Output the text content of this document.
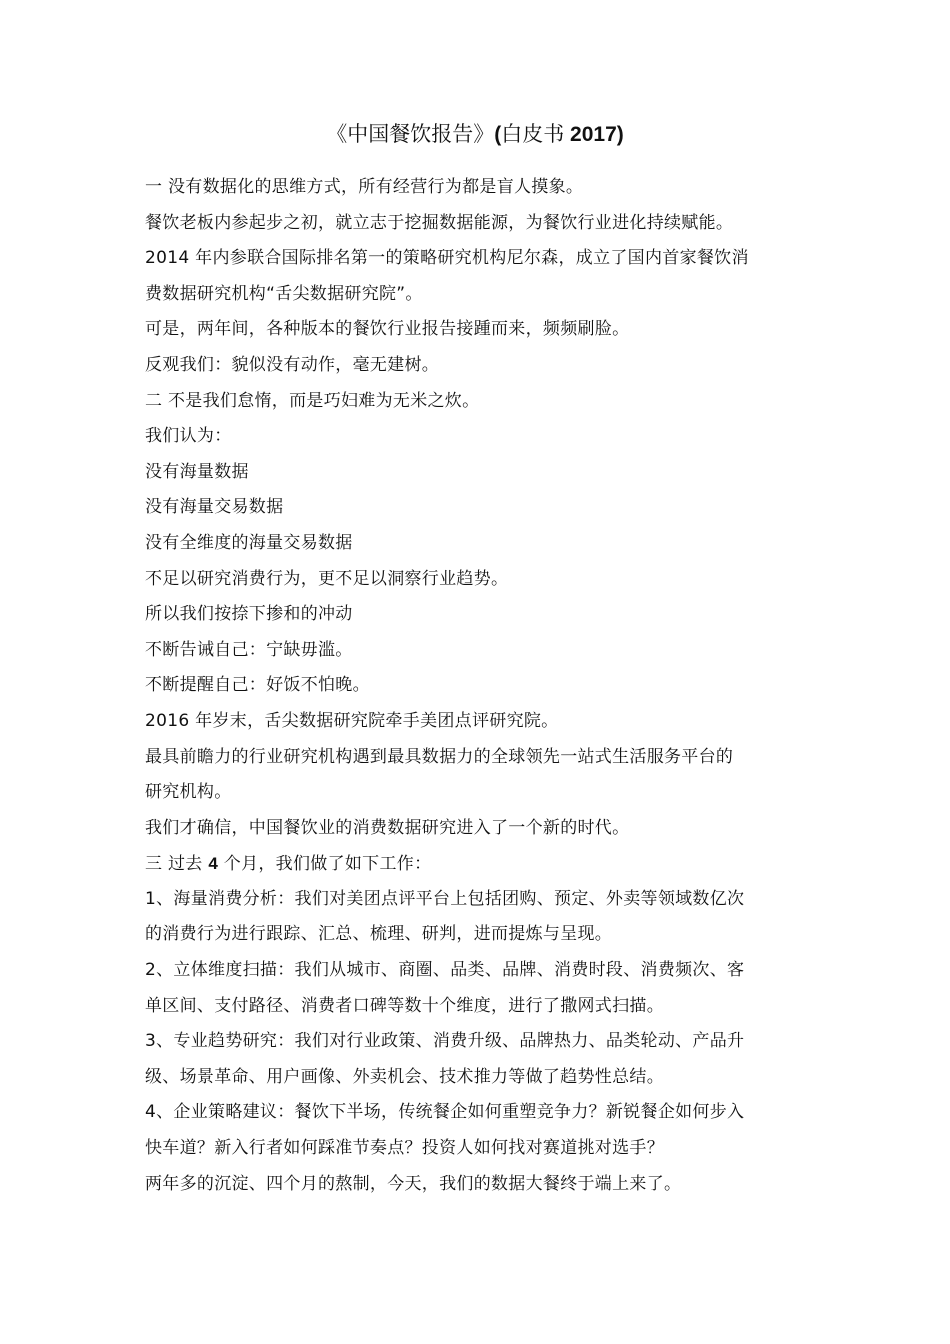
《中国餐饮报告》(白皮书 2017)
一 没有数据化的思维方式，所有经营行为都是盲人摸象。
餐饮老板内参起步之初，就立志于挖掘数据能源，为餐饮行业进化持续赋能。
2014 年内参联合国际排名第一的策略研究机构尼尔森，成立了国内首家餐饮消
费数据研究机构“舌尖数据研究院”。
可是，两年间，各种版本的餐饮行业报告接踵而来，频频刷脸。
反观我们：貌似没有动作，毫无建树。
二 不是我们怠惰，而是巧妇难为无米之炊。
我们认为：
没有海量数据
没有海量交易数据
没有全维度的海量交易数据
不足以研究消费行为，更不足以洞察行业趋势。
所以我们按捺下掺和的冲动
不断告诫自己：宁缺毋滥。
不断提醒自己：好饭不怕晚。
2016 年岁末，舌尖数据研究院牵手美团点评研究院。
最具前瞻力的行业研究机构遇到最具数据力的全球领先一站式生活服务平台的
研究机构。
我们才确信，中国餐饮业的消费数据研究进入了一个新的时代。
三 过去 4 个月，我们做了如下工作：
1、海量消费分析：我们对美团点评平台上包括团购、预定、外卖等领域数亿次
的消费行为进行跟踪、汇总、梳理、研判，进而提炼与呈现。
2、立体维度扫描：我们从城市、商圈、品类、品牌、消费时段、消费频次、客
单区间、支付路径、消费者口碑等数十个维度，进行了撒网式扫描。
3、专业趋势研究：我们对行业政策、消费升级、品牌热力、品类轮动、产品升
级、场景革命、用户画像、外卖机会、技术推力等做了趋势性总结。
4、企业策略建议：餐饮下半场，传统餐企如何重塑竞争力？新锐餐企如何步入
快车道？新入行者如何踩准节奏点？投资人如何找对赛道挑对选手？
两年多的沉淀、四个月的熬制，今天，我们的数据大餐终于端上来了。
